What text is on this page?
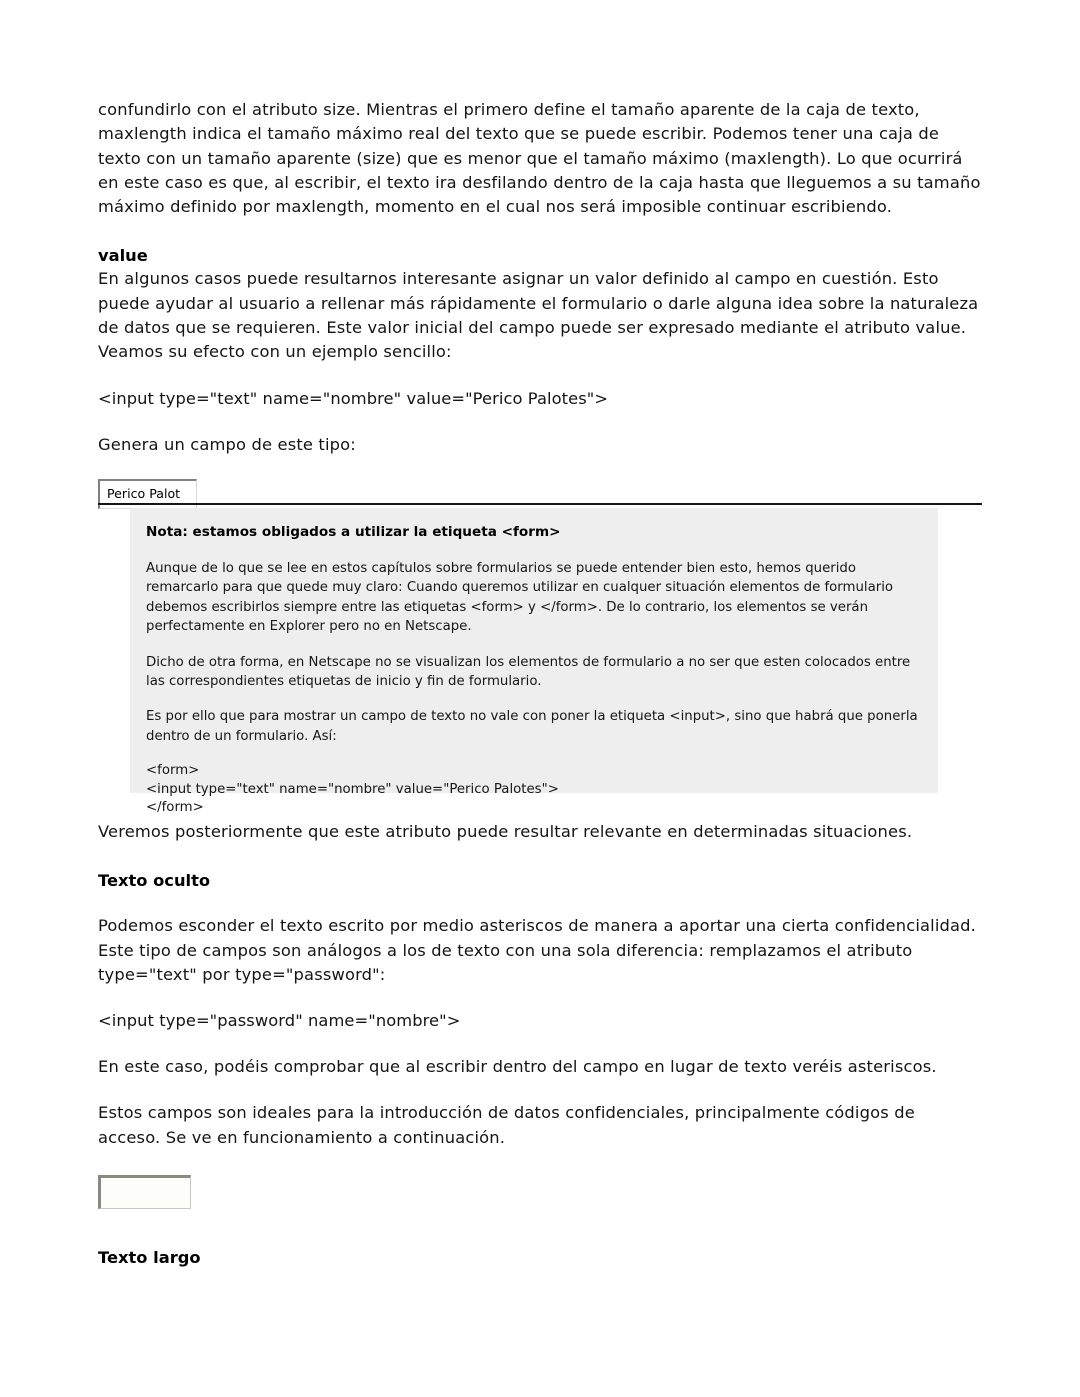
confundirlo con el atributo size. Mientras el primero define el tamaño aparente de la caja de texto, maxlength indica el tamaño máximo real del texto que se puede escribir. Podemos tener una caja de texto con un tamaño aparente (size) que es menor que el tamaño máximo (maxlength). Lo que ocurrirá en este caso es que, al escribir, el texto ira desfilando dentro de la caja hasta que lleguemos a su tamaño máximo definido por maxlength, momento en el cual nos será imposible continuar escribiendo.

value

En algunos casos puede resultarnos interesante asignar un valor definido al campo en cuestión. Esto puede ayudar al usuario a rellenar más rápidamente el formulario o darle alguna idea sobre la naturaleza de datos que se requieren. Este valor inicial del campo puede ser expresado mediante el atributo value. Veamos su efecto con un ejemplo sencillo:

<input type="text" name="nombre" value="Perico Palotes">

Genera un campo de este tipo:

Perico Palot

Nota: estamos obligados a utilizar la etiqueta <form>

Aunque de lo que se lee en estos capítulos sobre formularios se puede entender bien esto, hemos querido remarcarlo para que quede muy claro: Cuando queremos utilizar en cualquer situación elementos de formulario debemos escribirlos siempre entre las etiquetas <form> y </form>. De lo contrario, los elementos se verán perfectamente en Explorer pero no en Netscape.

Dicho de otra forma, en Netscape no se visualizan los elementos de formulario a no ser que esten colocados entre las correspondientes etiquetas de inicio y fin de formulario.

Es por ello que para mostrar un campo de texto no vale con poner la etiqueta <input>, sino que habrá que ponerla dentro de un formulario. Así:

<form>

<input type="text" name="nombre" value="Perico Palotes">

</form>

Veremos posteriormente que este atributo puede resultar relevante en determinadas situaciones.

Texto oculto

Podemos esconder el texto escrito por medio asteriscos de manera a aportar una cierta confidencialidad. Este tipo de campos son análogos a los de texto con una sola diferencia: remplazamos el atributo type="text" por type="password":

<input type="password" name="nombre">

En este caso, podéis comprobar que al escribir dentro del campo en lugar de texto veréis asteriscos.

Estos campos son ideales para la introducción de datos confidenciales, principalmente códigos de acceso. Se ve en funcionamiento a continuación.

Texto largo
